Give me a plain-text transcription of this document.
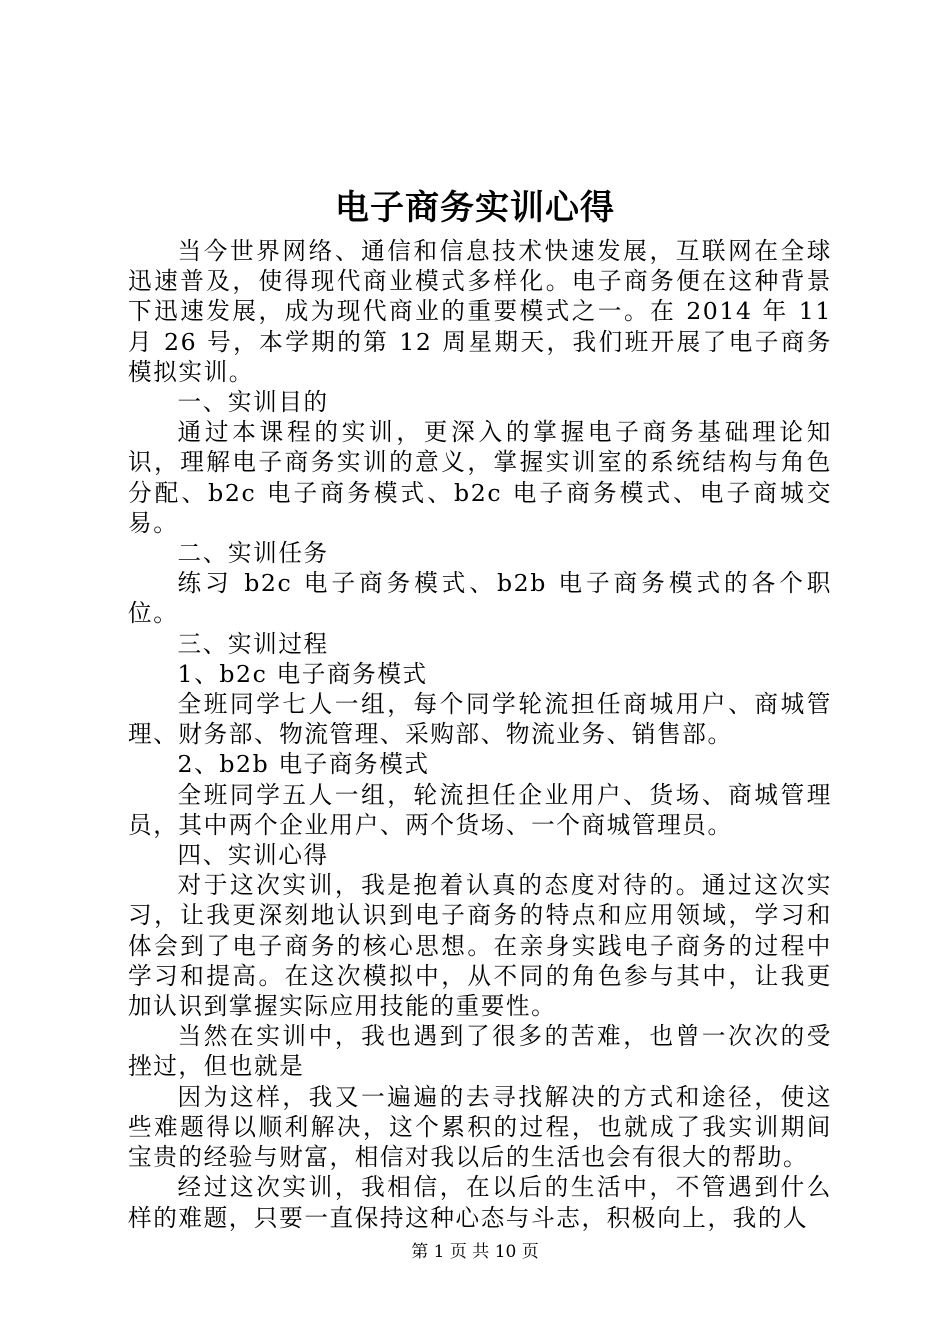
电子商务实训心得

当今世界网络、通信和信息技术快速发展，互联网在全球迅速普及，使得现代商业模式多样化。电子商务便在这种背景下迅速发展，成为现代商业的重要模式之一。在 2014 年 11 月 26 号，本学期的第 12 周星期天，我们班开展了电子商务模拟实训。

一、实训目的

通过本课程的实训，更深入的掌握电子商务基础理论知识，理解电子商务实训的意义，掌握实训室的系统结构与角色分配、b2c 电子商务模式、b2c 电子商务模式、电子商城交易。

二、实训任务

练习 b2c 电子商务模式、b2b 电子商务模式的各个职位。

三、实训过程

1、b2c 电子商务模式

全班同学七人一组，每个同学轮流担任商城用户、商城管理、财务部、物流管理、采购部、物流业务、销售部。

2、b2b 电子商务模式

全班同学五人一组，轮流担任企业用户、货场、商城管理员，其中两个企业用户、两个货场、一个商城管理员。

四、实训心得

对于这次实训，我是抱着认真的态度对待的。通过这次实习，让我更深刻地认识到电子商务的特点和应用领域，学习和体会到了电子商务的核心思想。在亲身实践电子商务的过程中学习和提高。在这次模拟中，从不同的角色参与其中，让我更加认识到掌握实际应用技能的重要性。

当然在实训中，我也遇到了很多的苦难，也曾一次次的受挫过，但也就是

因为这样，我又一遍遍的去寻找解决的方式和途径，使这些难题得以顺利解决，这个累积的过程，也就成了我实训期间宝贵的经验与财富，相信对我以后的生活也会有很大的帮助。

经过这次实训，我相信，在以后的生活中，不管遇到什么样的难题，只要一直保持这种心态与斗志，积极向上，我的人

第 1 页 共 10 页
